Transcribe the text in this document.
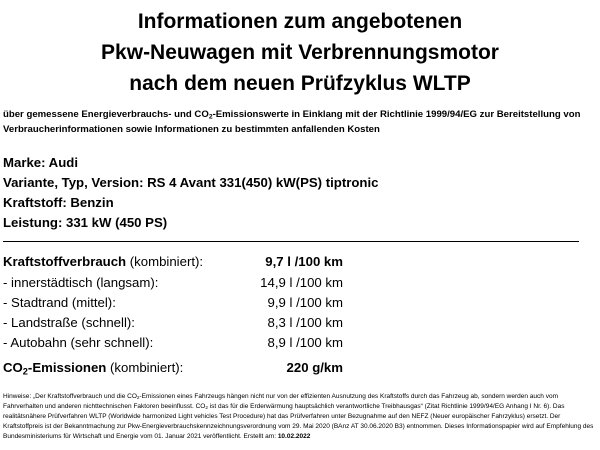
Informationen zum angebotenen
Pkw-Neuwagen mit Verbrennungsmotor
nach dem neuen Prüfzyklus WLTP
über gemessene Energieverbrauchs- und $CO_2$-Emissionswerte in Einklang mit der Richtlinie 1999/94/EG zur Bereitstellung von Verbraucherinformationen sowie Informationen zu bestimmten anfallenden Kosten
Marke: Audi
Variante, Typ, Version: RS 4 Avant 331(450) kW(PS) tiptronic
Kraftstoff: Benzin
Leistung: 331 kW (450 PS)
Kraftstoffverbrauch (kombiniert):	9,7 l /100 km
- innerstädtisch (langsam):	14,9 l /100 km
- Stadtrand (mittel):	9,9 l /100 km
- Landstraße (schnell):	8,3 l /100 km
- Autobahn (sehr schnell):	8,9 l /100 km
$CO_2$-Emissionen (kombiniert):	220 g/km
Hinweise: „Der Kraftstoffverbrauch und die $CO_2$-Emissionen eines Fahrzeugs hängen nicht nur von der effizienten Ausnutzung des Kraftstoffs durch das Fahrzeug ab, sondern werden auch vom Fahrverhalten und anderen nichttechnischen Faktoren beeinflusst. $CO_2$ ist das für die Erderwärmung hauptsächlich verantwortliche Treibhausgas“ (Zitat Richtlinie 1999/94/EG Anhang I Nr. 6). Das realitätsnähere Prüfverfahren WLTP (Worldwide harmonized Light vehicles Test Procedure) hat das Prüfverfahren unter Bezugnahme auf den NEFZ (Neuer europäischer Fahrzyklus) ersetzt. Der Kraftstoffpreis ist der Bekanntmachung zur Pkw-Energieverbrauchskennzeichnungsverordnung vom 29. Mai 2020 (BAnz AT 30.06.2020 B3) entnommen. Dieses Informationspapier wird auf Empfehlung des Bundesministeriums für Wirtschaft und Energie vom 01. Januar 2021 veröffentlicht. Erstellt am: 10.02.2022
